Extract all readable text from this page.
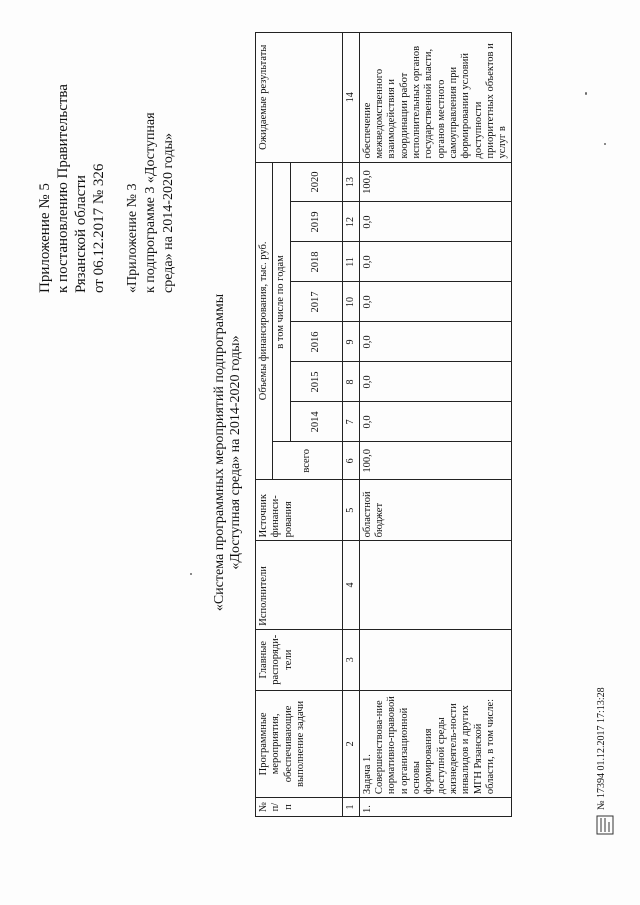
Приложение № 5 к постановлению Правительства Рязанской области от 06.12.2017 № 326 «Приложение № 3 к подпрограмме 3 «Доступная среда» на 2014-2020 годы»
«Система программных мероприятий подпрограммы «Доступная среда» на 2014-2020 годы»
№ п/п	Программные мероприятия, обеспечивающие выполнение задачи	Главные распоряди-тели	Исполнители	Источник финанси-рования	Объемы финансирования, тыс. руб.								Ожидаемые результаты
					всего	в том числе по годам							
						2014	2015	2016	2017	2018	2019	2020	
1	2	3	4	5	6	7	8	9	10	11	12	13	14
1.	Задача 1. Совершенствова-ние нормативно-правовой и организационной основы формирования доступной среды жизнедеятель-ности инвалидов и других МГН Рязанской области, в том числе:			областной бюджет	100,0	0,0	0,0	0,0	0,0	0,0	0,0	100,0	обеспечение межведомственного взаимодействия и координации работ исполнительных органов государственной власти, органов местного самоуправления при формировании условий доступности приоритетных объектов и услуг в
№ 17394 01.12.2017 17:13:28
